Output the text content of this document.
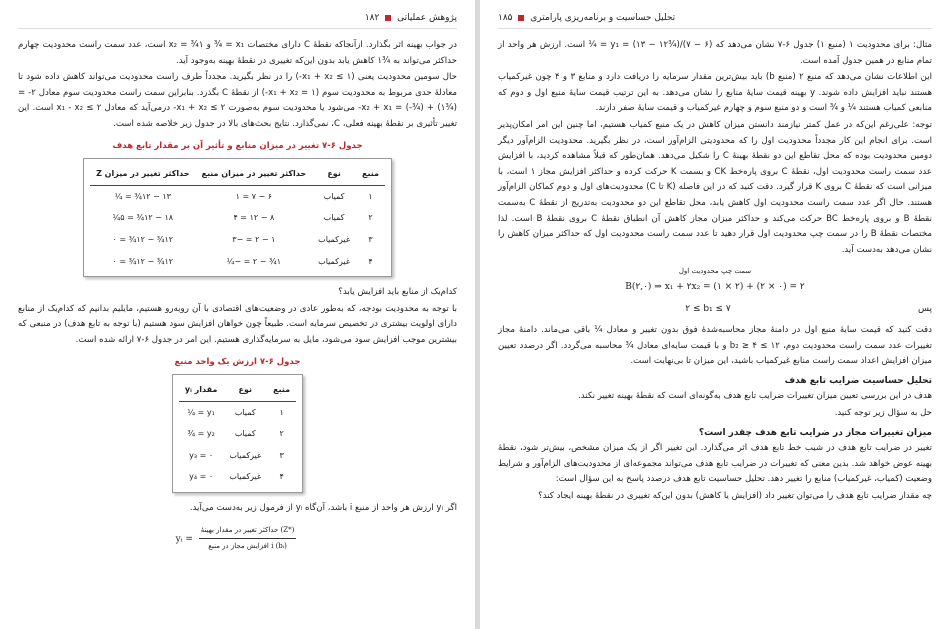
۱۸۲ پژوهش عملیاتی

در جواب بهینه اثر بگذارد. ازآنجاکه نقطهٔ C دارای مختصات x₁ = ¾ و x₂ = ¾۱ است، عدد سمت راست محدودیت چهارم حداکثر می‌تواند به ¾۱ کاهش یابد بدون این‌که تغییری در نقطهٔ بهینه به‌وجود آید.

حال سومین محدودیت یعنی (x₁ + x₂ ≤ ۱-) را در نظر بگیرید. مجدداً طرف راست محدودیت می‌تواند کاهش داده شود تا معادلهٔ حدی مربوط به محدودیت سوم (x₁ + x₂ = ۱-) از نقطهٔ C بگذرد. بنابراین سمت راست محدودیت سوم معادل ۲- = (¾۱) + (¾-) = x₂ + x₁- می‌شود یا محدودیت سوم به‌صورت x₁ + x₂ ≤ ۲- درمی‌آید که معادل ۲ ≥ x₁ - x₂ است. این تغییر تأثیری بر نقطهٔ بهینه فعلی، C، نمی‌گذارد. نتایج بحث‌های بالا در جدول زیر خلاصه شده است.

جدول ۶-۷ تغییر در میزان منابع و تأثیر آن بر مقدار تابع هدف
منبع	نوع	حداکثر تغییر در میزان منبع	حداکثر تغییر در میزان Z
۱	کمیاب	۶ − ۷ = ۱	۱۳ − ۱۲¾ = ¼
۲	کمیاب	۸ − ۱۲ = ۴	۱۸ − ۱۲¾ = ۵¼
۳	غیرکمیاب	۱ − ۲ = −۳	۱۲¾ − ۱۲¾ = ۰
۴	غیرکمیاب	۱¾ − ۲ = −¼	۱۲¾ − ۱۲¾ = ۰

کدام‌یک از منابع باید افزایش یابد؟

با توجه به محدودیت بودجه، که به‌طور عادی در وضعیت‌های اقتصادی با آن روبه‌رو هستیم، مایلیم بدانیم که کدام‌یک از منابع دارای اولویت بیشتری در تخصیص سرمایه است. طبیعاً چون خواهان افزایش سود هستیم (با توجه به تابع هدف) در منبعی که بیشترین موجب افزایش سود می‌شود، مایل به سرمایه‌گذاری هستیم. این امر در جدول ۶-۷ ارائه شده است.

جدول ۶-۷ ارزش یک واحد منبع
منبع	نوع	مقدار yᵢ
۱	کمیاب	y₁ = ¼
۲	کمیاب	y₂ = ¾
۳	غیرکمیاب	y₃ = ۰
۴	غیرکمیاب	y₄ = ۰

اگر yᵢ ارزش هر واحد از منبع i باشد، آن‌گاه yᵢ از فرمول زیر به‌دست می‌آید.

yᵢ = $\frac{\text{حداکثر تغییر در مقدار بهینهٔ (Z*)}}{\text{افزایش مجاز در منبع i (bᵢ)}}$
۱۸۵ تحلیل حساسیت و برنامه‌ریزی پارامتری

مثال: برای محدودیت ۱ (منبع ۱) جدول ۶-۷ نشان می‌دهد که y₁ = (۱۳ − ۱۲¾)/(۷ − ۶) = ¼ است. ارزش هر واحد از تمام منابع در همین جدول آمده است.

این اطلاعات نشان می‌دهد که منبع ۲ (منبع b) باید بیش‌ترین مقدار سرمایه را دریافت دارد و منابع ۳ و ۴ چون غیرکمیاب هستند نباید افزایش داده شوند. y بهینه قیمت سایهٔ منابع را نشان می‌دهد. به این ترتیب قیمت سایهٔ منبع اول و دوم که منابعی کمیاب هستند ¼ و ¾ است و دو منبع سوم و چهارم غیرکمیاب و قیمت سایهٔ صفر دارند.

توجه: علی‌رغم این‌که در عمل کمتر نیازمند دانستن میزان کاهش در یک منبع کمیاب هستیم، اما چنین این امر امکان‌پذیر است. برای انجام این کار مجدداً محدودیت اول را که محدودیتی الزام‌آور است، در نظر بگیرید. محدودیت الزام‌آور دیگر دومین محدودیت بوده که محل تقاطع این دو نقطهٔ بهینهٔ C را شکیل می‌دهد. همان‌طور که قبلاً مشاهده کردید، با افزایش عدد سمت راست محدودیت اول، نقطهٔ C بروی پاره‌خط CK و بسمت K حرکت کرده و حداکثر افزایش مجاز ۱ است، با میزانی است که نقطهٔ C بروی K قرار گیرد. دقت کنید که در این فاصله (K تا C) محدودیت‌های اول و دوم کماکان الزام‌آور هستند. حال اگر عدد سمت راست محدودیت اول کاهش یابد، محل تقاطع این دو محدودیت به‌تدریج از نقطهٔ C به‌سمت نقطهٔ B و بروی پاره‌خط BC حرکت می‌کند و حداکثر میزان مجاز کاهش آن انطباق نقطهٔ C بروی نقطهٔ B است. لذا مختصات نقطهٔ B را در سمت چپ محدودیت اول قرار دهید تا عدد سمت راست محدودیت اول که حداکثر میزان کاهش را نشان می‌دهد به‌دست آید.

سمت چپ محدودیت اول
B(۲,۰) ⇒ x₁ + ۲x₂ = (۱ × ۲) + (۲ × ۰) = ۲
پس
۲ ≤ b₁ ≤ ۷

دقت کنید که قیمت سایهٔ منبع اول در دامنهٔ مجاز محاسبه‌شدهٔ فوق بدون تغییر و معادل ¼ باقی می‌ماند. دامنهٔ مجاز تغییرات عدد سمت راست محدودیت دوم، ۱۲ ≥ b₂ ≥ ۴ و با قیمت سایه‌ای معادل ¾ محاسبه می‌گردد. اگر درصدد تعیین میزان افزایش اعداد سمت راست منابع غیرکمیاب باشید، این میزان تا بی‌نهایت است.

تحلیل حساسیت ضرایب تابع هدف

هدف در این بررسی تعیین میزان تغییرات ضرایب تابع هدف به‌گونه‌ای است که نقطهٔ بهینه تغییر نکند.

حل به سؤال زیر توجه کنید.

میزان تغییرات مجاز در ضرایب تابع هدف چقدر است؟

تغییر در ضرایب تابع هدف در شیب خط تابع هدف اثر می‌گذارد. این تغییر اگر از یک میزان مشخص، بیش‌تر شود، نقطهٔ بهینه عوض خواهد شد. بدین معنی که تغییرات در ضرایب تابع هدف می‌تواند مجموعه‌ای از محدودیت‌های الزام‌آور و شرایط وضعیت (کمیاب، غیرکمیاب) منابع را تغییر دهد. تحلیل حساسیت تابع هدف درصدد پاسخ به این سؤال است:

چه مقدار ضرایب تابع هدف را می‌توان تغییر داد (افزایش یا کاهش) بدون این‌که تغییری در نقطهٔ بهینه ایجاد کند؟
